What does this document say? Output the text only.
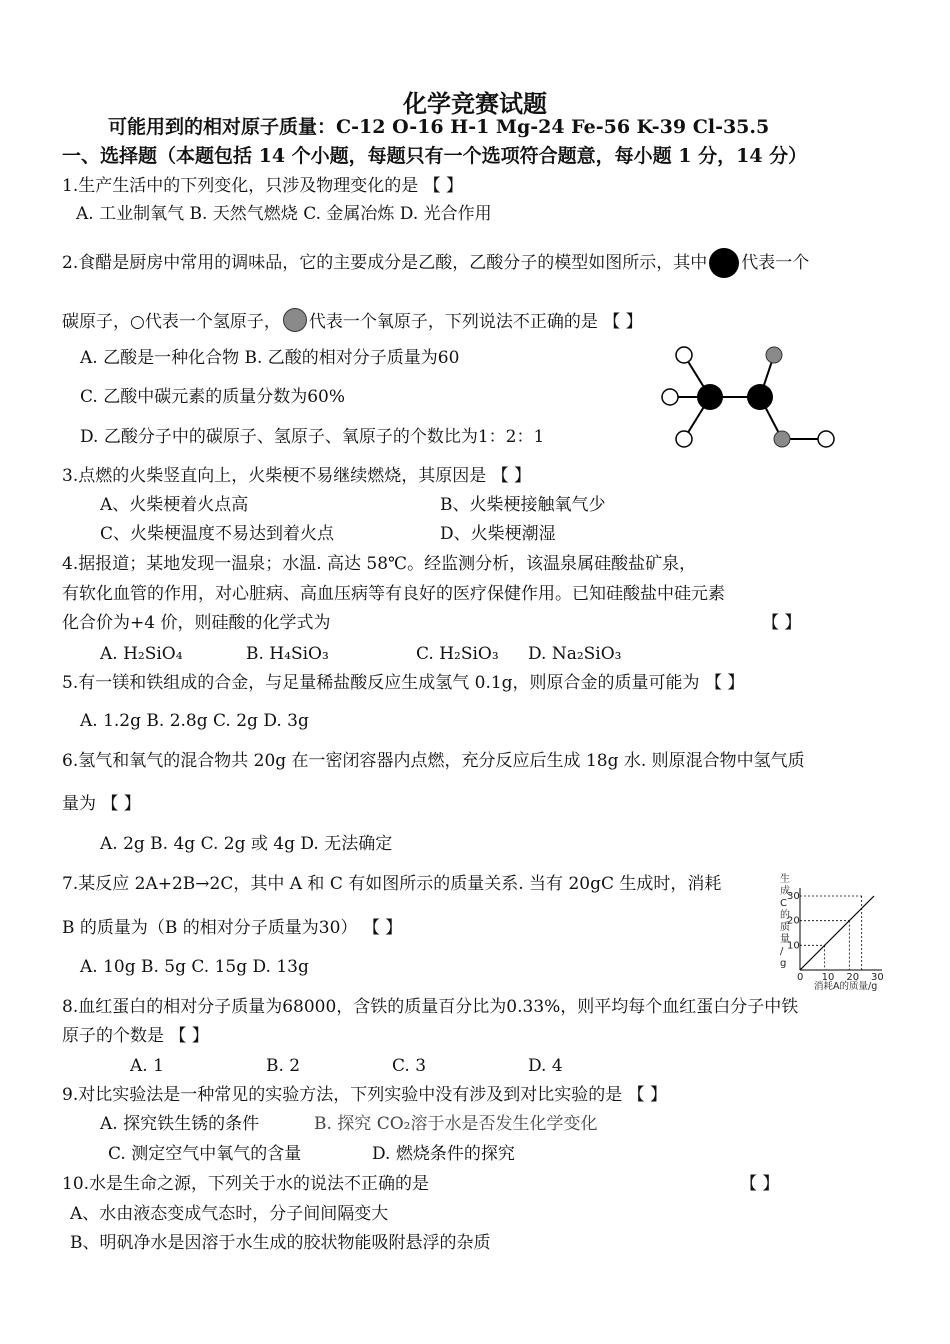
化学竞赛试题
可能用到的相对原子质量：C-12 O-16 H-1 Mg-24 Fe-56 K-39 Cl-35.5
一、选择题（本题包括 14 个小题，每题只有一个选项符合题意，每小题 1 分，14 分）
1.生产生活中的下列变化，只涉及物理变化的是 【 】
A. 工业制氧气 B. 天然气燃烧 C. 金属冶炼 D. 光合作用
2.食醋是厨房中常用的调味品，它的主要成分是乙酸，乙酸分子的模型如图所示，其中 代表一个
碳原子，○代表一个氢原子， 代表一个氧原子，下列说法不正确的是 【 】
A. 乙酸是一种化合物 B. 乙酸的相对分子质量为60
C. 乙酸中碳元素的质量分数为60%
D. 乙酸分子中的碳原子、氢原子、氧原子的个数比为1：2：1
3.点燃的火柴竖直向上，火柴梗不易继续燃烧，其原因是 【 】
A、火柴梗着火点高	B、火柴梗接触氧气少
C、火柴梗温度不易达到着火点	D、火柴梗潮湿
4.据报道；某地发现一温泉；水温. 高达 58℃。经监测分析，该温泉属硅酸盐矿泉，
有软化血管的作用，对心脏病、高血压病等有良好的医疗保健作用。已知硅酸盐中硅元素
化合价为+4 价，则硅酸的化学式为	【 】
A. H₂SiO₄	B. H₄SiO₃	C. H₂SiO₃ D. Na₂SiO₃
5.有一镁和铁组成的合金，与足量稀盐酸反应生成氢气 0.1g，则原合金的质量可能为 【 】
A. 1.2g B. 2.8g C. 2g D. 3g
6.氢气和氧气的混合物共 20g 在一密闭容器内点燃，充分反应后生成 18g 水. 则原混合物中氢气质
量为 【 】
A. 2g B. 4g C. 2g 或 4g D. 无法确定
7.某反应 2A+2B→2C，其中 A 和 C 有如图所示的质量关系. 当有 20gC 生成时，消耗
B 的质量为（B 的相对分子质量为30） 【 】
A. 10g B. 5g C. 15g D. 13g
生成 C 的质量/ g
0 10 20 30
10
20
30
消耗A的质量/g
8.血红蛋白的相对分子质量为68000，含铁的质量百分比为0.33%，则平均每个血红蛋白分子中铁
原子的个数是 【 】
A. 1	B. 2	C. 3	D. 4
9.对比实验法是一种常见的实验方法，下列实验中没有涉及到对比实验的是 【 】
A. 探究铁生锈的条件	B. 探究 CO₂溶于水是否发生化学变化
C. 测定空气中氧气的含量	D. 燃烧条件的探究
10.水是生命之源，下列关于水的说法不正确的是	【 】
A、水由液态变成气态时，分子间间隔变大
B、明矾净水是因溶于水生成的胶状物能吸附悬浮的杂质
